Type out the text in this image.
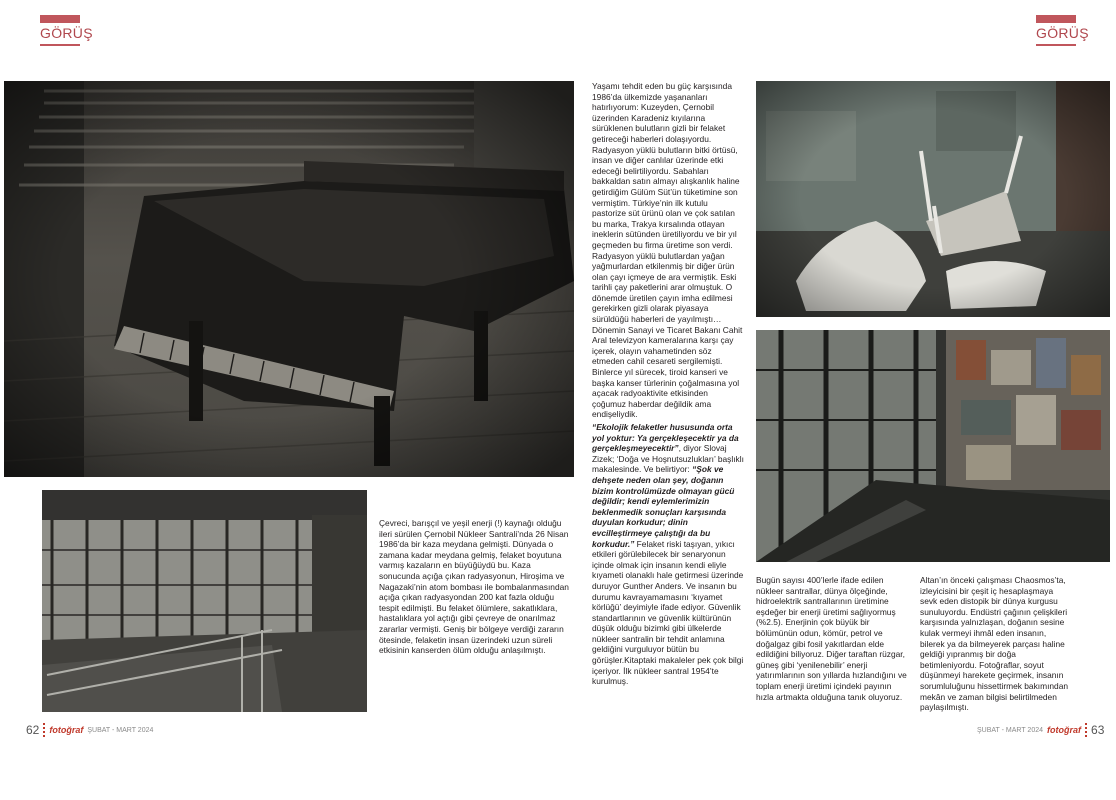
GÖRÜŞ	GÖRÜŞ

Çevreci, barışçıl ve yeşil enerji (!) kaynağı olduğu ileri sürülen Çernobil Nükleer Santrali’nda 26 Nisan 1986’da bir kaza meydana gelmişti. Dünyada o zamana kadar meydana gelmiş, felaket boyutuna varmış kazaların en büyüğüydü bu. Kaza sonucunda açığa çıkan radyasyonun, Hiroşima ve Nagazaki’nin atom bombası ile bombalanmasından açığa çıkan radyasyondan 200 kat fazla olduğu tespit edilmişti. Bu felaket ölümlere, sakatlıklara, hastalıklara yol açtığı gibi çevreye de onarılmaz zararlar vermişti. Geniş bir bölgeye verdiği zararın ötesinde, felaketin insan üzerindeki uzun süreli etkisinin kanserden ölüm olduğu anlaşılmıştı.

Yaşamı tehdit eden bu güç karşısında 1986’da ülkemizde yaşananları hatırlıyorum: Kuzeyden, Çernobil üzerinden Karadeniz kıyılarına sürüklenen bulutların gizli bir felaket getireceği haberleri dolaşıyordu. Radyasyon yüklü bulutların bitki örtüsü, insan ve diğer canlılar üzerinde etki edeceği belirtiliyordu. Sabahları bakkaldan satın almayı alışkanlık haline getirdiğim Gülüm Süt’ün tüketimine son vermiştim. Türkiye’nin ilk kutulu pastorize süt ürünü olan ve çok satılan bu marka, Trakya kırsalında otlayan ineklerin sütünden üretiliyordu ve bir yıl geçmeden bu firma üretime son verdi. Radyasyon yüklü bulutlardan yağan yağmurlardan etkilenmiş bir diğer ürün olan çayı içmeye de ara vermiştik. Eski tarihli çay paketlerini arar olmuştuk. O dönemde üretilen çayın imha edilmesi gerekirken gizli olarak piyasaya sürüldüğü haberleri de yayılmıştı… Dönemin Sanayi ve Ticaret Bakanı Cahit Aral televizyon kameralarına karşı çay içerek, olayın vahametinden söz etmeden cahil cesareti sergilemişti. Binlerce yıl sürecek, tiroid kanseri ve başka kanser türlerinin çoğalmasına yol açacak radyoaktivite etkisinden çoğumuz haberdar değildik ama endişeliydik.

“Ekolojik felaketler hususunda orta yol yoktur: Ya gerçekleşecektir ya da gerçekleşmeyecektir”, diyor Slovaj Zizek; ‘Doğa ve Hoşnutsuzlukları’ başlıklı makalesinde. Ve belirtiyor: “Şok ve dehşete neden olan şey, doğanın bizim kontrolümüzde olmayan gücü değildir; kendi eylemlerimizin beklenmedik sonuçları karşısında duyulan korkudur; dinin evcilleştirmeye çalıştığı da bu korkudur.” Felaket riski taşıyan, yıkıcı etkileri görülebilecek bir senaryonun içinde olmak için insanın kendi eliyle kıyameti olanaklı hale getirmesi üzerinde duruyor Gunther Anders. Ve insanın bu durumu kavrayamamasını ‘kıyamet körlüğü’ deyimiyle ifade ediyor. Güvenlik standartlarının ve güvenlik kültürünün düşük olduğu bizimki gibi ülkelerde nükleer santralin bir tehdit anlamına geldiğini vurguluyor bütün bu görüşler.Kitaptaki makaleler pek çok bilgi içeriyor. İlk nükleer santral 1954’te kurulmuş.

Bugün sayısı 400’lerle ifade edilen nükleer santrallar, dünya ölçeğinde, hidroelektrik santrallarının üretimine eşdeğer bir enerji üretimi sağlıyormuş (%2.5). Enerjinin çok büyük bir bölümünün odun, kömür, petrol ve doğalgaz gibi fosil yakıtlardan elde edildiğini biliyoruz. Diğer taraftan rüzgar, güneş gibi ‘yenilenebilir’ enerji yatırımlarının son yıllarda hızlandığını ve toplam enerji üretimi içindeki payının hızla artmakta olduğuna tanık oluyoruz.

Altan’ın önceki çalışması Chaosmos’ta, izleyicisini bir çeşit iç hesaplaşmaya sevk eden distopik bir dünya kurgusu sunuluyordu. Endüstri çağının çelişkileri karşısında yalnızlaşan, doğanın sesine kulak vermeyi ihmâl eden insanın, bilerek ya da bilmeyerek parçası haline geldiği yıpranmış bir doğa betimleniyordu. Fotoğraflar, soyut düşünmeyi harekete geçirmek, insanın sorumluluğunu hissettirmek bakımından mekân ve zaman bilgisi belirtilmeden paylaşılmıştı.

62 fotoğraf ŞUBAT - MART 2024	ŞUBAT - MART 2024 fotoğraf 63
